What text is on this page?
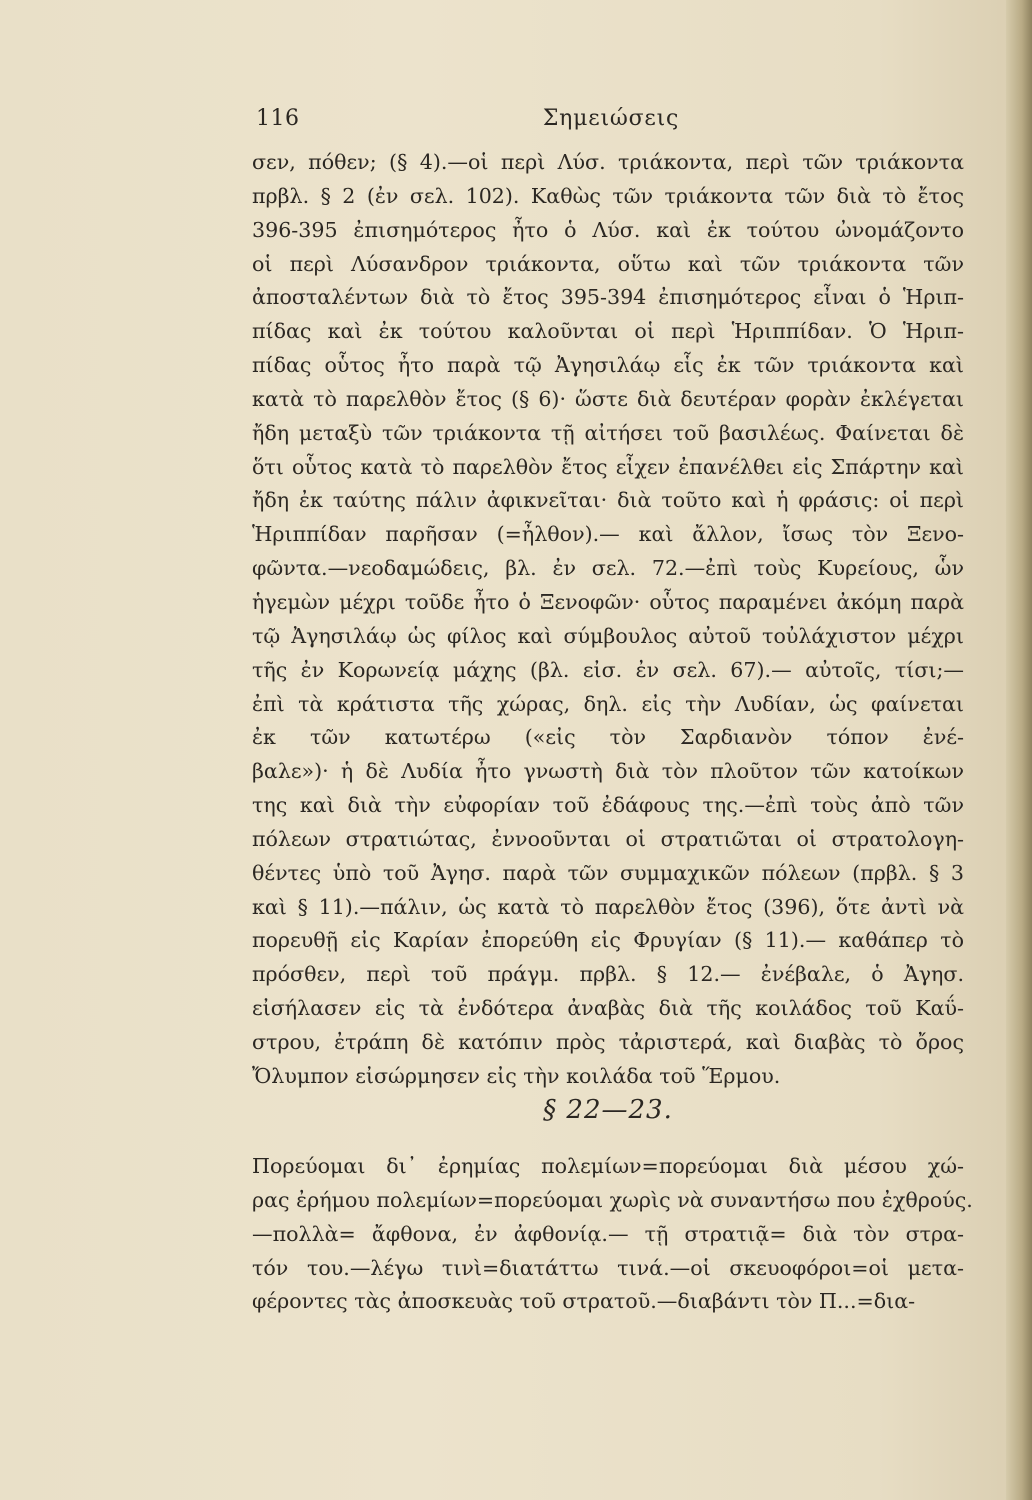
116	Σημειώσεις
σεν, πόθεν; (§ 4).—οἱ περὶ Λύσ. τριάκοντα, περὶ τῶν τριάκοντα
πρβλ. § 2 (ἐν σελ. 102). Καθὼς τῶν τριάκοντα τῶν διὰ τὸ ἔτος
396-395 ἐπισημότερος ἦτο ὁ Λύσ. καὶ ἐκ τούτου ὠνομάζοντο
οἱ περὶ Λύσανδρον τριάκοντα, οὕτω καὶ τῶν τριάκοντα τῶν
ἀποσταλέντων διὰ τὸ ἔτος 395-394 ἐπισημότερος εἶναι ὁ Ἡριπ-
πίδας καὶ ἐκ τούτου καλοῦνται οἱ περὶ Ἡριππίδαν. Ὁ Ἡριπ-
πίδας οὗτος ἦτο παρὰ τῷ Ἀγησιλάῳ εἷς ἐκ τῶν τριάκοντα καὶ
κατὰ τὸ παρελθὸν ἔτος (§ 6)· ὥστε διὰ δευτέραν φορὰν ἐκλέγεται
ἤδη μεταξὺ τῶν τριάκοντα τῇ αἰτήσει τοῦ βασιλέως. Φαίνεται δὲ
ὅτι οὗτος κατὰ τὸ παρελθὸν ἔτος εἶχεν ἐπανέλθει εἰς Σπάρτην καὶ
ἤδη ἐκ ταύτης πάλιν ἀφικνεῖται· διὰ τοῦτο καὶ ἡ φράσις: οἱ περὶ
Ἡριππίδαν παρῆσαν (=ἦλθον).— καὶ ἄλλον, ἴσως τὸν Ξενο-
φῶντα.—νεοδαμώδεις, βλ. ἐν σελ. 72.—ἐπὶ τοὺς Κυρείους, ὧν
ἡγεμὼν μέχρι τοῦδε ἦτο ὁ Ξενοφῶν· οὗτος παραμένει ἀκόμη παρὰ
τῷ Ἀγησιλάῳ ὡς φίλος καὶ σύμβουλος αὐτοῦ τοὐλάχιστον μέχρι
τῆς ἐν Κορωνείᾳ μάχης (βλ. εἰσ. ἐν σελ. 67).— αὐτοῖς, τίσι;—
ἐπὶ τὰ κράτιστα τῆς χώρας, δηλ. εἰς τὴν Λυδίαν, ὡς φαίνεται
ἐκ τῶν κατωτέρω («εἰς τὸν Σαρδιανὸν τόπον ἐνέ-
βαλε»)· ἡ δὲ Λυδία ἦτο γνωστὴ διὰ τὸν πλοῦτον τῶν κατοίκων
της καὶ διὰ τὴν εὐφορίαν τοῦ ἐδάφους της.—ἐπὶ τοὺς ἀπὸ τῶν
πόλεων στρατιώτας, ἐννοοῦνται οἱ στρατιῶται οἱ στρατολογη-
θέντες ὑπὸ τοῦ Ἀγησ. παρὰ τῶν συμμαχικῶν πόλεων (πρβλ. § 3
καὶ § 11).—πάλιν, ὡς κατὰ τὸ παρελθὸν ἔτος (396), ὅτε ἀντὶ νὰ
πορευθῇ εἰς Καρίαν ἐπορεύθη εἰς Φρυγίαν (§ 11).— καθάπερ τὸ
πρόσθεν, περὶ τοῦ πράγμ. πρβλ. § 12.— ἐνέβαλε, ὁ Ἀγησ.
εἰσήλασεν εἰς τὰ ἐνδότερα ἀναβὰς διὰ τῆς κοιλάδος τοῦ Καΰ-
στρου, ἐτράπη δὲ κατόπιν πρὸς τἀριστερά, καὶ διαβὰς τὸ ὄρος
Ὄλυμπον εἰσώρμησεν εἰς τὴν κοιλάδα τοῦ Ἕρμου.
§ 22—23.
Πορεύομαι δι᾽ ἐρημίας πολεμίων=πορεύομαι διὰ μέσου χώ-
ρας ἐρήμου πολεμίων=πορεύομαι χωρὶς νὰ συναντήσω που ἐχθρούς.
—πολλὰ= ἄφθονα, ἐν ἀφθονίᾳ.— τῇ στρατιᾷ= διὰ τὸν στρα-
τόν του.—λέγω τινὶ=διατάττω τινά.—οἱ σκευοφόροι=οἱ μετα-
φέροντες τὰς ἀποσκευὰς τοῦ στρατοῦ.—διαβάντι τὸν Π...=δια-
